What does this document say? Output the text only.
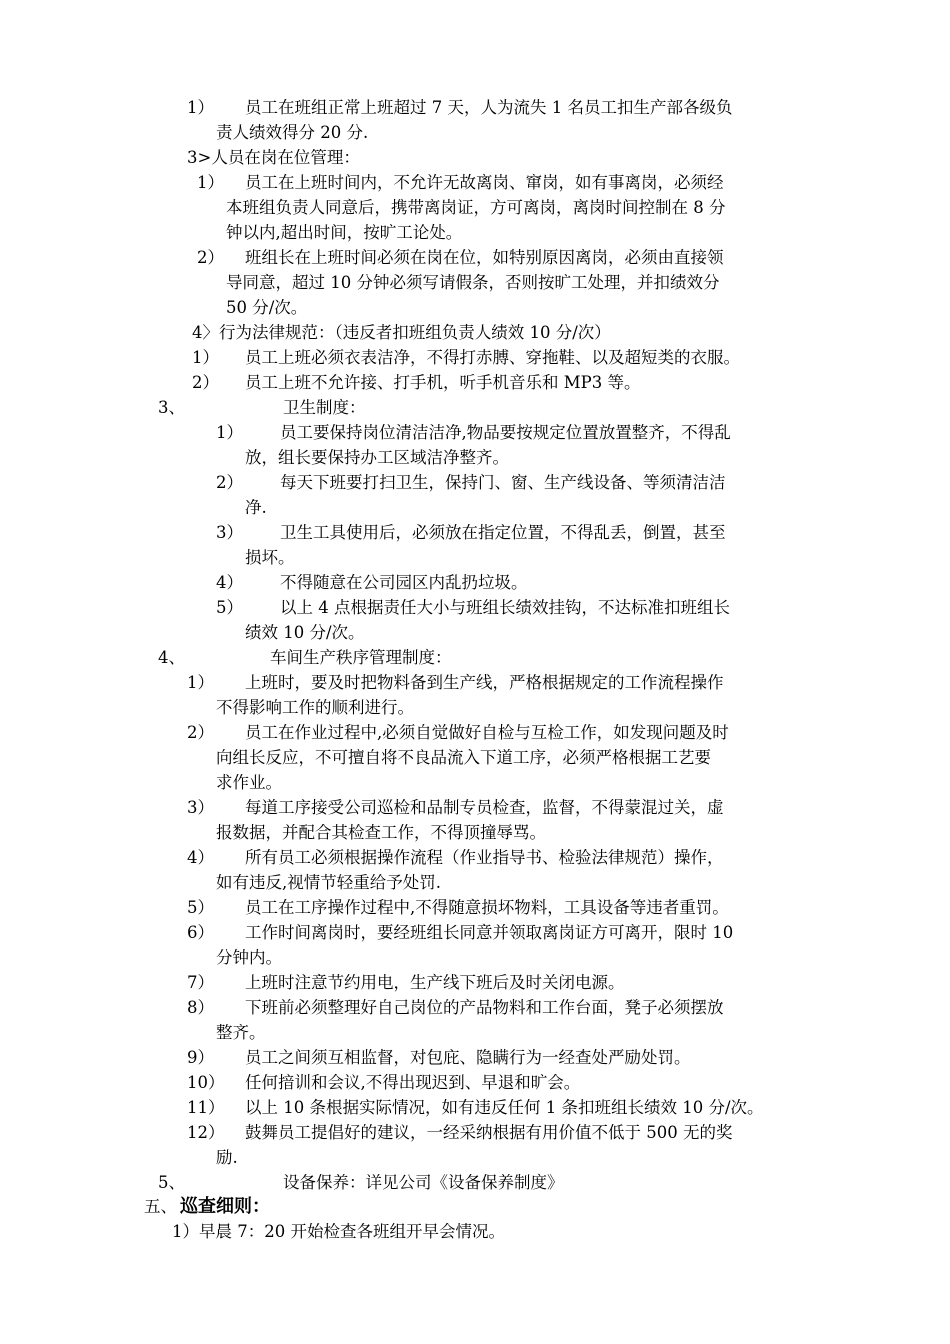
1） 员工在班组正常上班超过 7 天，人为流失 1 名员工扣生产部各级负
责人绩效得分 20 分.
3>人员在岗在位管理：
1） 员工在上班时间内，不允许无故离岗、窜岗，如有事离岗，必须经
本班组负责人同意后，携带离岗证，方可离岗，离岗时间控制在 8 分
钟以内,超出时间，按旷工论处。
2） 班组长在上班时间必须在岗在位，如特别原因离岗，必须由直接领
导同意，超过 10 分钟必须写请假条，否则按旷工处理，并扣绩效分
50 分/次。
4〉行为法律规范：（违反者扣班组负责人绩效 10 分/次）
1） 员工上班必须衣表洁净，不得打赤膊、穿拖鞋、以及超短类的衣服。
2） 员工上班不允许接、打手机，听手机音乐和 MP3 等。
3、	卫生制度：
1） 员工要保持岗位清洁洁净,物品要按规定位置放置整齐，不得乱
放，组长要保持办工区域洁净整齐。
2） 每天下班要打扫卫生，保持门、窗、生产线设备、等须清洁洁
净.
3） 卫生工具使用后，必须放在指定位置，不得乱丢，倒置，甚至
损坏。
4） 不得随意在公司园区内乱扔垃圾。
5） 以上 4 点根据责任大小与班组长绩效挂钩，不达标准扣班组长
绩效 10 分/次。
4、	车间生产秩序管理制度：
1） 上班时，要及时把物料备到生产线，严格根据规定的工作流程操作
不得影响工作的顺利进行。
2） 员工在作业过程中,必须自觉做好自检与互检工作，如发现问题及时
向组长反应，不可擅自将不良品流入下道工序，必须严格根据工艺要
求作业。
3） 每道工序接受公司巡检和品制专员检查，监督，不得蒙混过关，虚
报数据，并配合其检查工作，不得顶撞辱骂。
4） 所有员工必须根据操作流程（作业指导书、检验法律规范）操作，
如有违反,视情节轻重给予处罚.
5） 员工在工序操作过程中,不得随意损坏物料，工具设备等违者重罚。
6） 工作时间离岗时，要经班组长同意并领取离岗证方可离开，限时 10
分钟内。
7） 上班时注意节约用电，生产线下班后及时关闭电源。
8） 下班前必须整理好自己岗位的产品物料和工作台面，凳子必须摆放
整齐。
9） 员工之间须互相监督，对包庇、隐瞒行为一经查处严励处罚。
10） 任何揞训和会议,不得出现迟到、早退和旷会。
11） 以上 10 条根据实际情况，如有违反任何 1 条扣班组长绩效 10 分/次。
12） 鼓舞员工提倡好的建议，一经采纳根据有用价值不低于 500 无的奖
励.
5、	设备保养：详见公司《设备保养制度》
五、 巡查细则：
1）早晨 7：20 开始检查各班组开早会情况。
